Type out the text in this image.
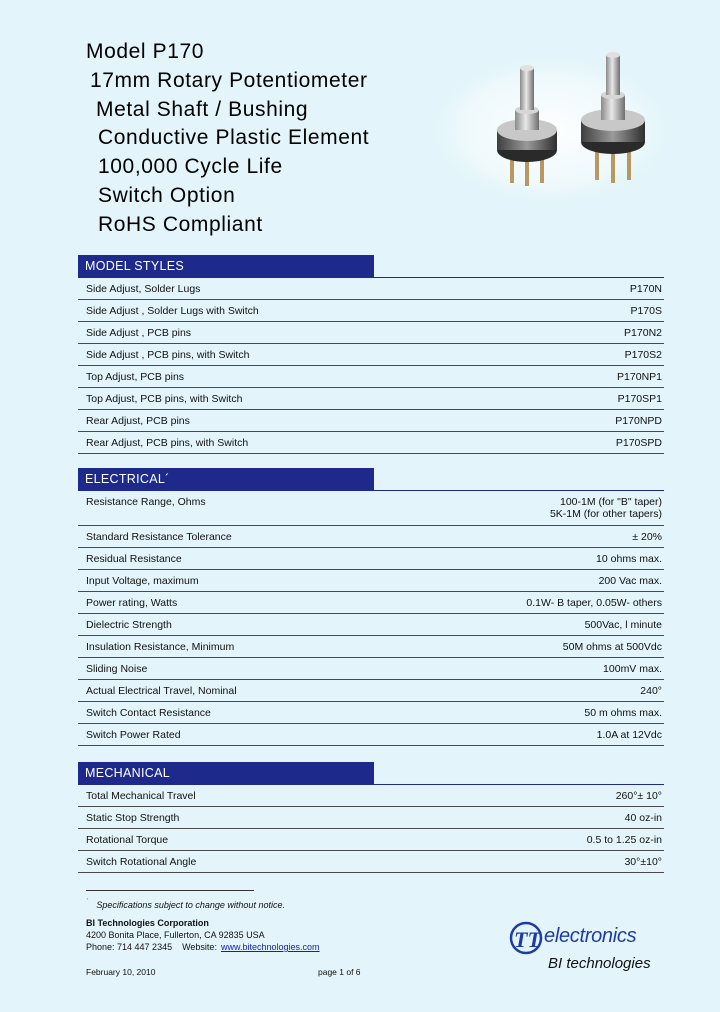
Model P170
17mm Rotary Potentiometer
Metal Shaft / Bushing
Conductive Plastic Element
100,000 Cycle Life
Switch Option
RoHS Compliant
MODEL STYLES
Side Adjust, Solder Lugs	P170N
Side Adjust , Solder Lugs with Switch	P170S
Side Adjust , PCB pins	P170N2
Side Adjust , PCB pins, with Switch	P170S2
Top Adjust, PCB pins	P170NP1
Top Adjust, PCB pins, with Switch	P170SP1
Rear Adjust, PCB pins	P170NPD
Rear Adjust, PCB pins, with Switch	P170SPD
ELECTRICAL´
Resistance Range, Ohms	100-1M (for "B" taper)
5K-1M (for other tapers)
Standard Resistance Tolerance	± 20%
Residual Resistance	10 ohms max.
Input Voltage, maximum	200 Vac max.
Power rating, Watts	0.1W- B taper, 0.05W- others
Dielectric Strength	500Vac, l minute
Insulation Resistance, Minimum	50M ohms at 500Vdc
Sliding Noise	100mV max.
Actual Electrical Travel, Nominal	240°
Switch Contact Resistance	50 m ohms max.
Switch Power Rated	1.0A at 12Vdc
MECHANICAL
Total Mechanical Travel	260°± 10°
Static Stop Strength	40 oz-in
Rotational Torque	0.5 to 1.25 oz-in
Switch Rotational Angle	30°±10°
´ Specifications subject to change without notice.
BI Technologies Corporation
4200 Bonita Place, Fullerton, CA 92835 USA
Phone: 714 447 2345 Website: www.bitechnologies.com
February 10, 2010	page 1 of 6
TT electronics
BI technologies
